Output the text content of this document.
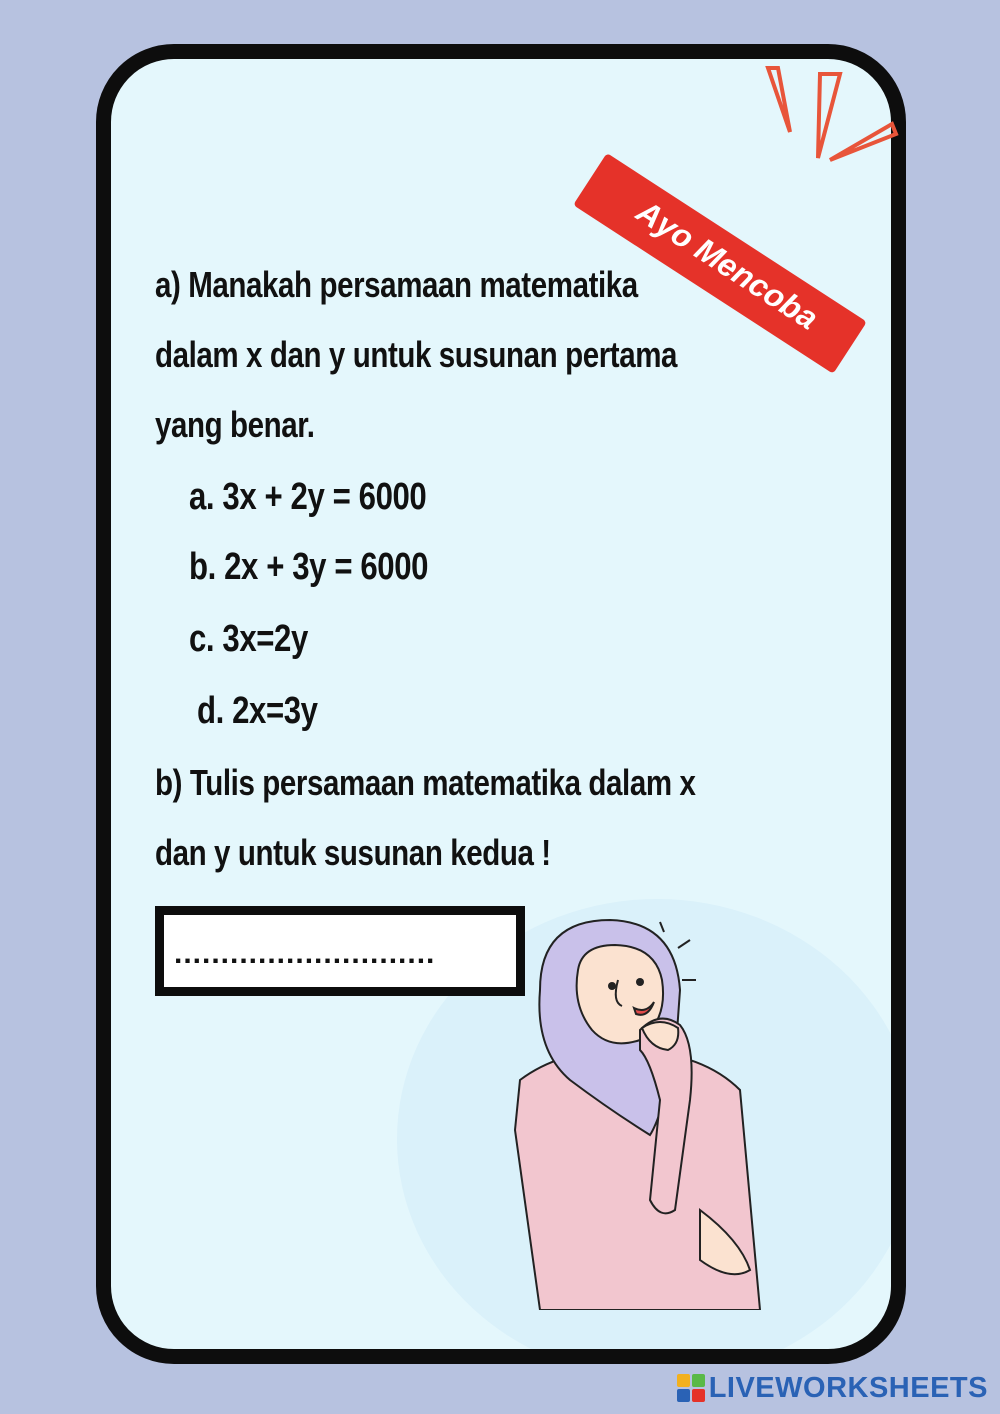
a) Manakah persamaan matematika

dalam x dan y untuk susunan pertama

yang benar.

a. 3x + 2y = 6000

b. 2x + 3y = 6000

c. 3x=2y

d. 2x=3y

b) Tulis persamaan matematika dalam x

dan y untuk susunan kedua !

............................
Ayo Mencoba
LIVEWORKSHEETS
